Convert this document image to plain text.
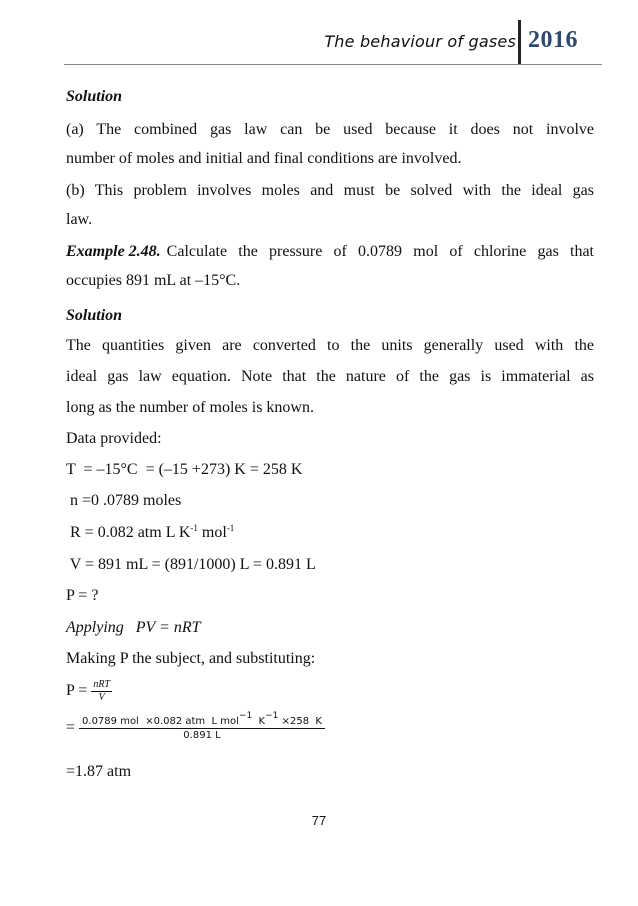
The behaviour of gases 2016
Solution
(a) The combined gas law can be used because it does not involve
number of moles and initial and final conditions are involved.
(b) This problem involves moles and must be solved with the ideal gas
law.
Example 2.48. Calculate the pressure of 0.0789 mol of chlorine gas that
occupies 891 mL at –15°C.
Solution
The quantities given are converted to the units generally used with the
ideal gas law equation. Note that the nature of the gas is immaterial as
long as the number of moles is known.
Data provided:
T  = –15°C  = (–15 +273) K = 258 K
n =0 .0789 moles
R = 0.082 atm L $K^{-1}$ mol$^{-1}$
V = 891 mL = (891/1000) L = 0.891 L
P = ?
Applying PV = nRT
Making P the subject, and substituting:
$P = \frac{\text{nRT}}{V}$
= $\frac{0.0789 mol \times 0.082 atm L mol^{-1} K^{-1} \times 258 K}{0.891 L}$
=1.87 atm
77
